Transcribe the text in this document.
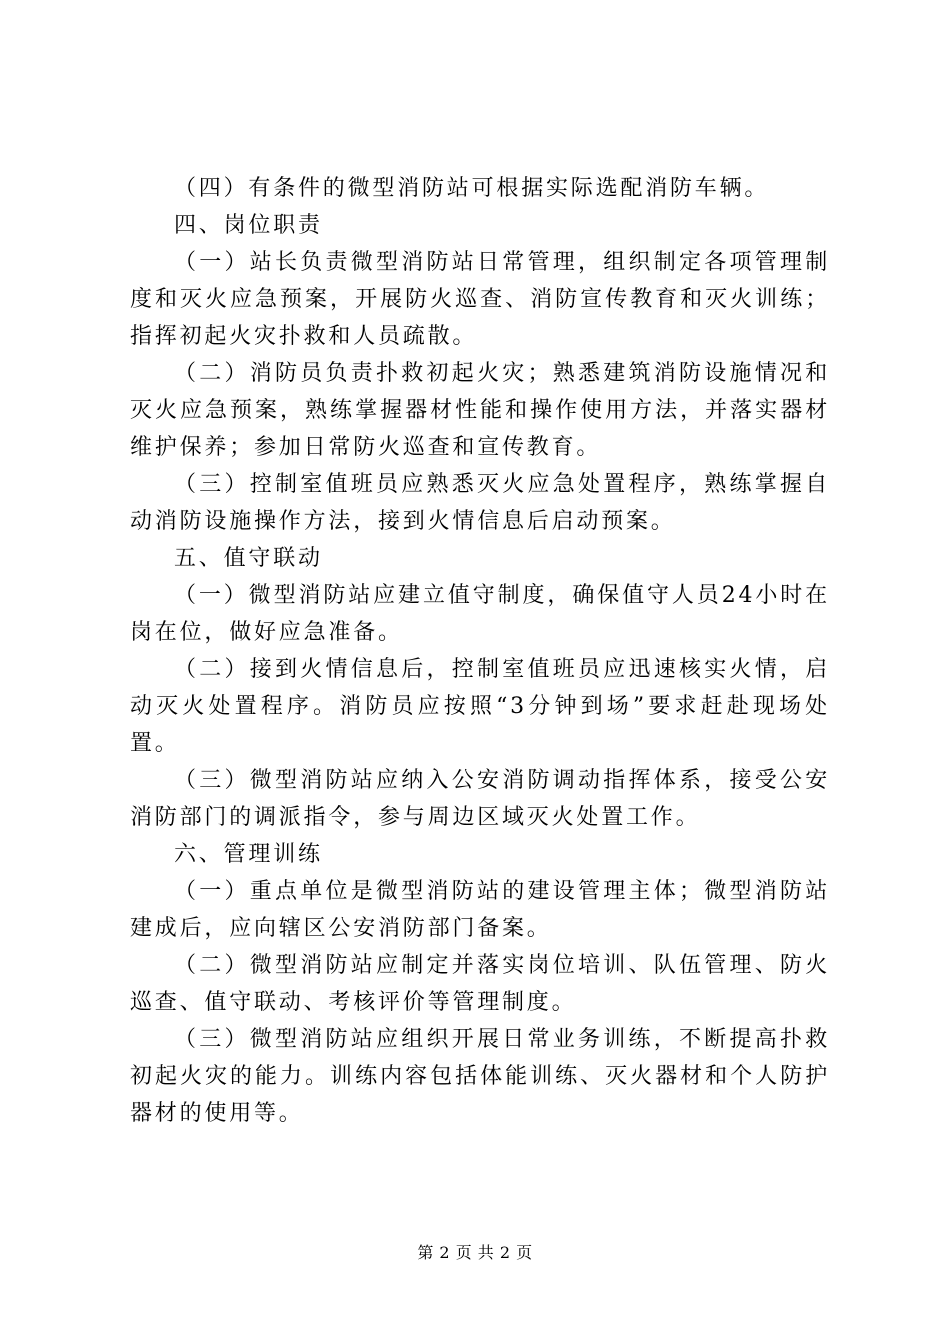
（四）有条件的微型消防站可根据实际选配消防车辆。

四、岗位职责

（一）站长负责微型消防站日常管理，组织制定各项管理制度和灭火应急预案，开展防火巡查、消防宣传教育和灭火训练；指挥初起火灾扑救和人员疏散。

（二）消防员负责扑救初起火灾；熟悉建筑消防设施情况和灭火应急预案，熟练掌握器材性能和操作使用方法，并落实器材维护保养；参加日常防火巡查和宣传教育。

（三）控制室值班员应熟悉灭火应急处置程序，熟练掌握自动消防设施操作方法，接到火情信息后启动预案。

五、值守联动

（一）微型消防站应建立值守制度，确保值守人员24小时在岗在位，做好应急准备。

（二）接到火情信息后，控制室值班员应迅速核实火情，启动灭火处置程序。消防员应按照“3分钟到场”要求赶赴现场处置。

（三）微型消防站应纳入公安消防调动指挥体系，接受公安消防部门的调派指令，参与周边区域灭火处置工作。

六、管理训练

（一）重点单位是微型消防站的建设管理主体；微型消防站建成后，应向辖区公安消防部门备案。

（二）微型消防站应制定并落实岗位培训、队伍管理、防火巡查、值守联动、考核评价等管理制度。

（三）微型消防站应组织开展日常业务训练，不断提高扑救初起火灾的能力。训练内容包括体能训练、灭火器材和个人防护器材的使用等。

第 2 页 共 2 页
